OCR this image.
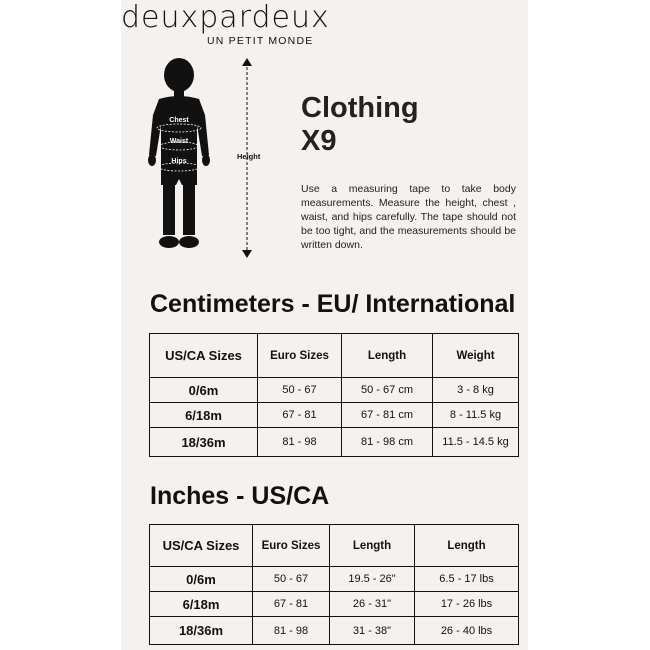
deuxpardeux
UN PETIT MONDE
Chest
Waist
Hips
Height
Clothing
X9
Use a measuring tape to take body measurements. Measure the height, chest , waist, and hips carefully. The tape should not be too tight, and the measurements should be written down.
Centimeters - EU/ International
US/CA Sizes	Euro Sizes	Length	Weight
0/6m	50 - 67	50 - 67 cm	3 - 8 kg
6/18m	67 - 81	67 - 81 cm	8 - 11.5 kg
18/36m	81 - 98	81 - 98 cm	11.5 - 14.5 kg
Inches - US/CA
US/CA Sizes	Euro Sizes	Length	Length
0/6m	50 - 67	19.5 - 26"	6.5 - 17 lbs
6/18m	67 - 81	26 - 31"	17 - 26 lbs
18/36m	81 - 98	31 - 38"	26 - 40 lbs
